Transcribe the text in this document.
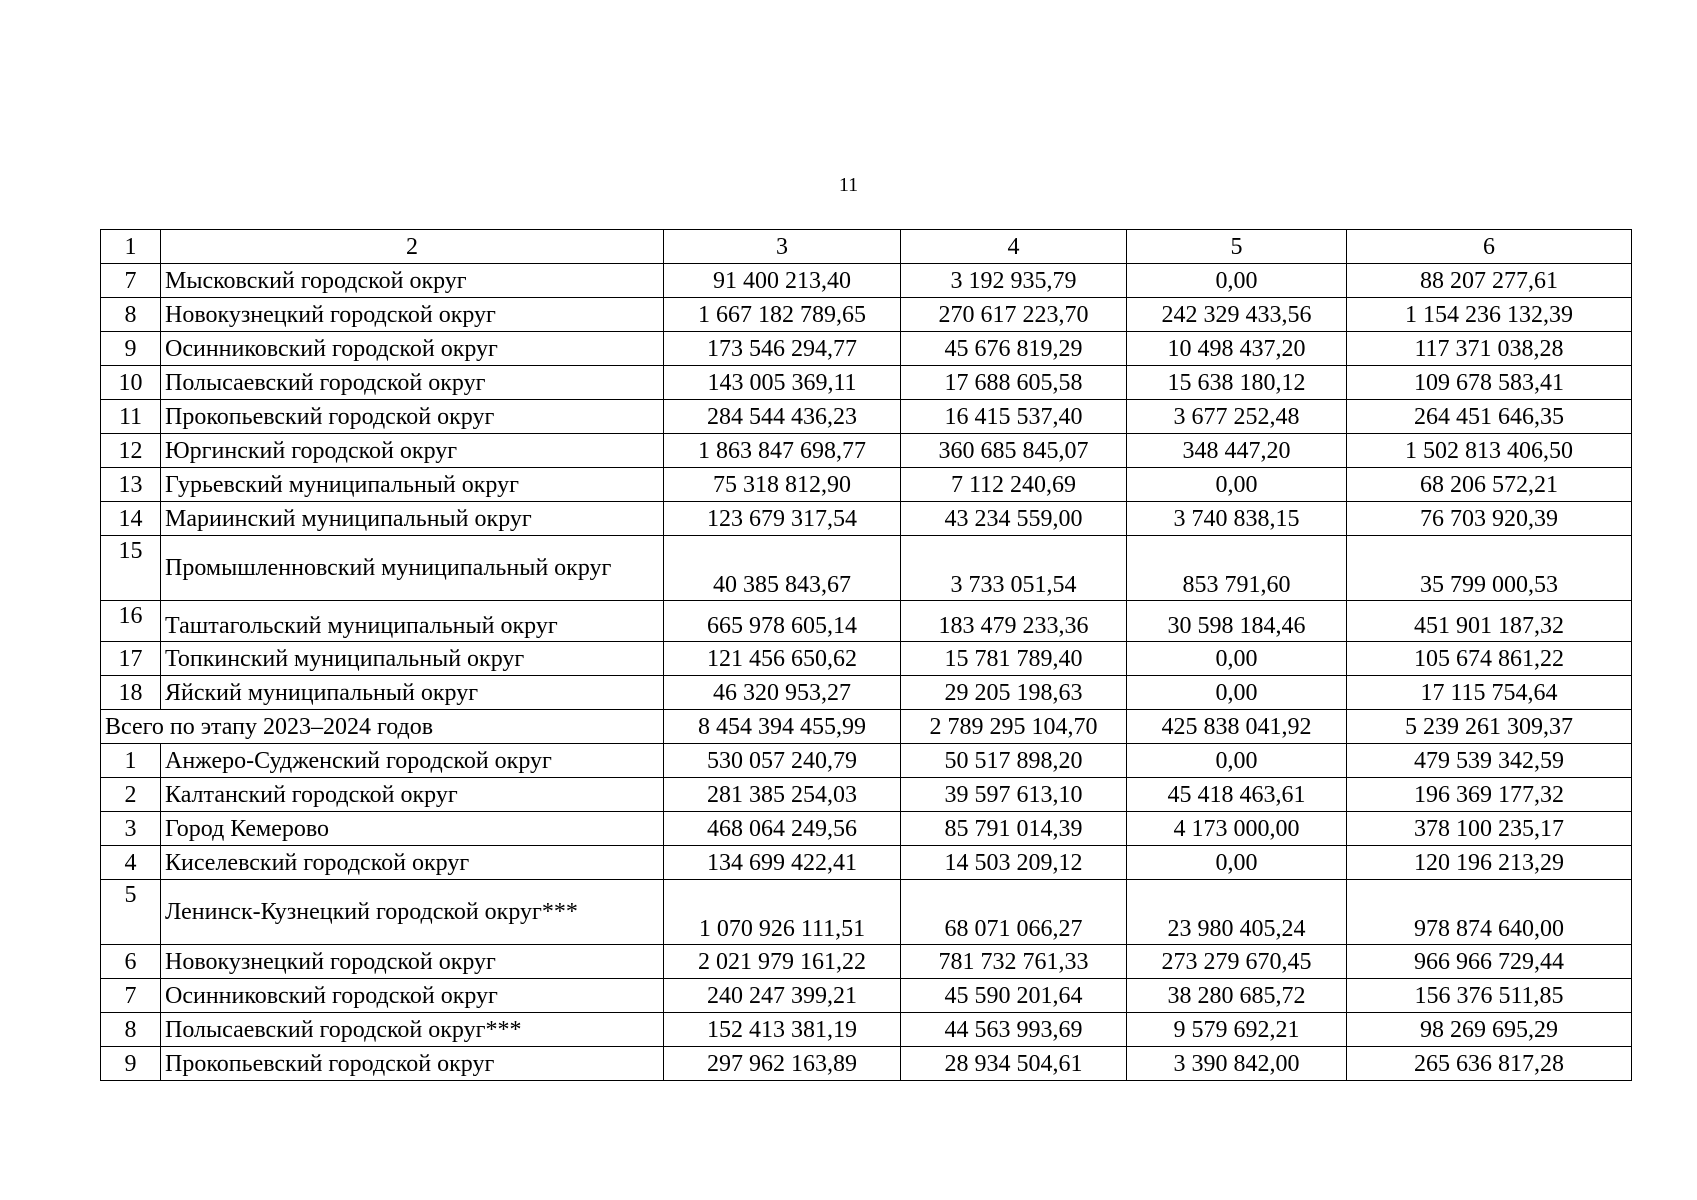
11
1	2	3	4	5	6
7	Мысковский городской округ	91 400 213,40	3 192 935,79	0,00	88 207 277,61
8	Новокузнецкий городской округ	1 667 182 789,65	270 617 223,70	242 329 433,56	1 154 236 132,39
9	Осинниковский городской округ	173 546 294,77	45 676 819,29	10 498 437,20	117 371 038,28
10	Полысаевский городской округ	143 005 369,11	17 688 605,58	15 638 180,12	109 678 583,41
11	Прокопьевский городской округ	284 544 436,23	16 415 537,40	3 677 252,48	264 451 646,35
12	Юргинский городской округ	1 863 847 698,77	360 685 845,07	348 447,20	1 502 813 406,50
13	Гурьевский муниципальный округ	75 318 812,90	7 112 240,69	0,00	68 206 572,21
14	Мариинский муниципальный округ	123 679 317,54	43 234 559,00	3 740 838,15	76 703 920,39
15	Промышленновский муниципальный округ	40 385 843,67	3 733 051,54	853 791,60	35 799 000,53
16	Таштагольский муниципальный округ	665 978 605,14	183 479 233,36	30 598 184,46	451 901 187,32
17	Топкинский муниципальный округ	121 456 650,62	15 781 789,40	0,00	105 674 861,22
18	Яйский муниципальный округ	46 320 953,27	29 205 198,63	0,00	17 115 754,64
Всего по этапу 2023–2024 годов		8 454 394 455,99	2 789 295 104,70	425 838 041,92	5 239 261 309,37
1	Анжеро-Судженский городской округ	530 057 240,79	50 517 898,20	0,00	479 539 342,59
2	Калтанский городской округ	281 385 254,03	39 597 613,10	45 418 463,61	196 369 177,32
3	Город Кемерово	468 064 249,56	85 791 014,39	4 173 000,00	378 100 235,17
4	Киселевский городской округ	134 699 422,41	14 503 209,12	0,00	120 196 213,29
5	Ленинск-Кузнецкий городской округ***	1 070 926 111,51	68 071 066,27	23 980 405,24	978 874 640,00
6	Новокузнецкий городской округ	2 021 979 161,22	781 732 761,33	273 279 670,45	966 966 729,44
7	Осинниковский городской округ	240 247 399,21	45 590 201,64	38 280 685,72	156 376 511,85
8	Полысаевский городской округ***	152 413 381,19	44 563 993,69	9 579 692,21	98 269 695,29
9	Прокопьевский городской округ	297 962 163,89	28 934 504,61	3 390 842,00	265 636 817,28
